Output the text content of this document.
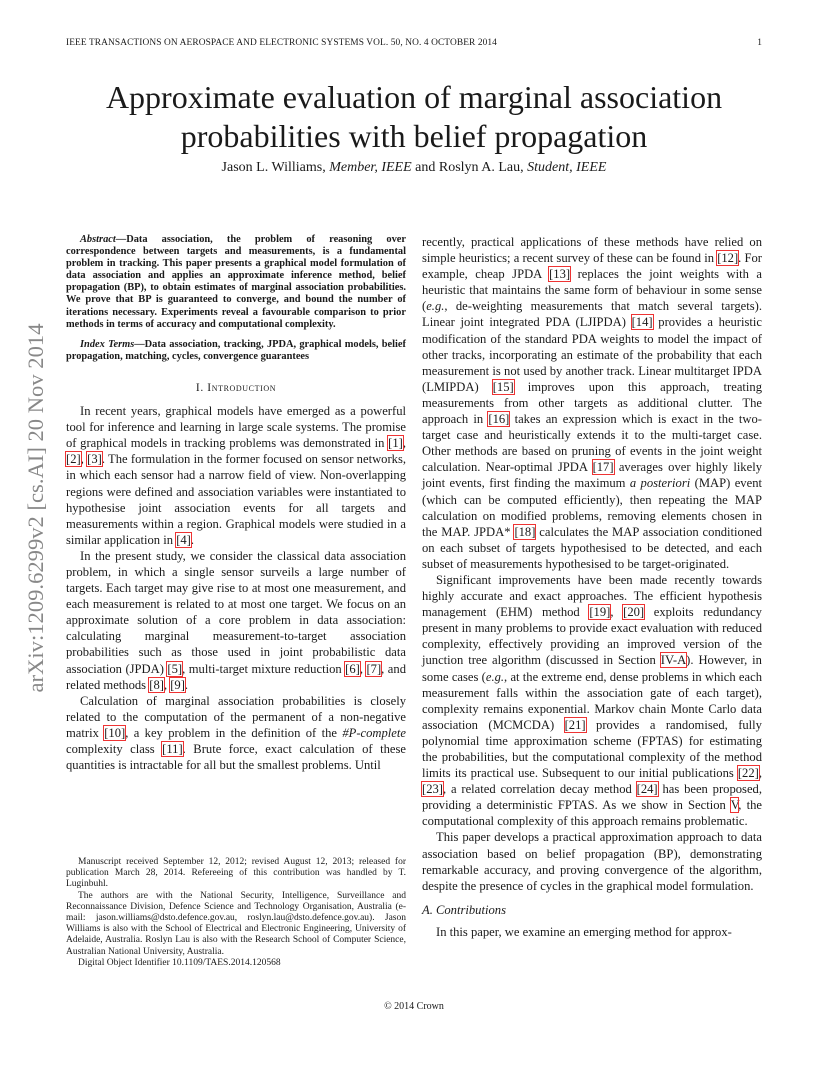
IEEE TRANSACTIONS ON AEROSPACE AND ELECTRONIC SYSTEMS VOL. 50, NO. 4 OCTOBER 2014	1
arXiv:1209.6299v2 [cs.AI] 20 Nov 2014
Approximate evaluation of marginal association
probabilities with belief propagation
Jason L. Williams, Member, IEEE and Roslyn A. Lau, Student, IEEE
Abstract—Data association, the problem of reasoning over correspondence between targets and measurements, is a fundamental problem in tracking. This paper presents a graphical model formulation of data association and applies an approximate inference method, belief propagation (BP), to obtain estimates of marginal association probabilities. We prove that BP is guaranteed to converge, and bound the number of iterations necessary. Experiments reveal a favourable comparison to prior methods in terms of accuracy and computational complexity.
Index Terms—Data association, tracking, JPDA, graphical models, belief propagation, matching, cycles, convergence guarantees
I. Introduction

In recent years, graphical models have emerged as a powerful tool for inference and learning in large scale systems. The promise of graphical models in tracking problems was demonstrated in [1], [2], [3]. The formulation in the former focused on sensor networks, in which each sensor had a narrow field of view. Non-overlapping regions were defined and association variables were instantiated to hypothesise joint association events for all targets and measurements within a region. Graphical models were studied in a similar application in [4].

In the present study, we consider the classical data association problem, in which a single sensor surveils a large number of targets. Each target may give rise to at most one measurement, and each measurement is related to at most one target. We focus on an approximate solution of a core problem in data association: calculating marginal measurement-to-target association probabilities such as those used in joint probabilistic data association (JPDA) [5], multi-target mixture reduction [6], [7], and related methods [8], [9].

Calculation of marginal association probabilities is closely related to the computation of the permanent of a non-negative matrix [10], a key problem in the definition of the #P-complete complexity class [11]. Brute force, exact calculation of these quantities is intractable for all but the smallest problems. Until

Manuscript received September 12, 2012; revised August 12, 2013; released for publication March 28, 2014. Refereeing of this contribution was handled by T. Luginbuhl.

The authors are with the National Security, Intelligence, Surveillance and Reconnaissance Division, Defence Science and Technology Organisation, Australia (e-mail: jason.williams@dsto.defence.gov.au, roslyn.lau@dsto.defence.gov.au). Jason Williams is also with the School of Electrical and Electronic Engineering, University of Adelaide, Australia. Roslyn Lau is also with the Research School of Computer Science, Australian National University, Australia.

Digital Object Identifier 10.1109/TAES.2014.120568

recently, practical applications of these methods have relied on simple heuristics; a recent survey of these can be found in [12]. For example, cheap JPDA [13] replaces the joint weights with a heuristic that maintains the same form of behaviour in some sense (e.g., de-weighting measurements that match several targets). Linear joint integrated PDA (LJIPDA) [14] provides a heuristic modification of the standard PDA weights to model the impact of other tracks, incorporating an estimate of the probability that each measurement is not used by another track. Linear multitarget IPDA (LMIPDA) [15] improves upon this approach, treating measurements from other targets as additional clutter. The approach in [16] takes an expression which is exact in the two-target case and heuristically extends it to the multi-target case. Other methods are based on pruning of events in the joint weight calculation. Near-optimal JPDA [17] averages over highly likely joint events, first finding the maximum a posteriori (MAP) event (which can be computed efficiently), then repeating the MAP calculation on modified problems, removing elements chosen in the MAP. JPDA* [18] calculates the MAP association conditioned on each subset of targets hypothesised to be detected, and each subset of measurements hypothesised to be target-originated.

Significant improvements have been made recently towards highly accurate and exact approaches. The efficient hypothesis management (EHM) method [19], [20] exploits redundancy present in many problems to provide exact evaluation with reduced complexity, effectively providing an improved version of the junction tree algorithm (discussed in Section IV-A). However, in some cases (e.g., at the extreme end, dense problems in which each measurement falls within the association gate of each target), complexity remains exponential. Markov chain Monte Carlo data association (MCMCDA) [21] provides a randomised, fully polynomial time approximation scheme (FPTAS) for estimating the probabilities, but the computational complexity of the method limits its practical use. Subsequent to our initial publications [22], [23], a related correlation decay method [24] has been proposed, providing a deterministic FPTAS. As we show in Section V, the computational complexity of this approach remains problematic.

This paper develops a practical approximation approach to data association based on belief propagation (BP), demonstrating remarkable accuracy, and proving convergence of the algorithm, despite the presence of cycles in the graphical model formulation.

A. Contributions

In this paper, we examine an emerging method for approx-

© 2014 Crown
